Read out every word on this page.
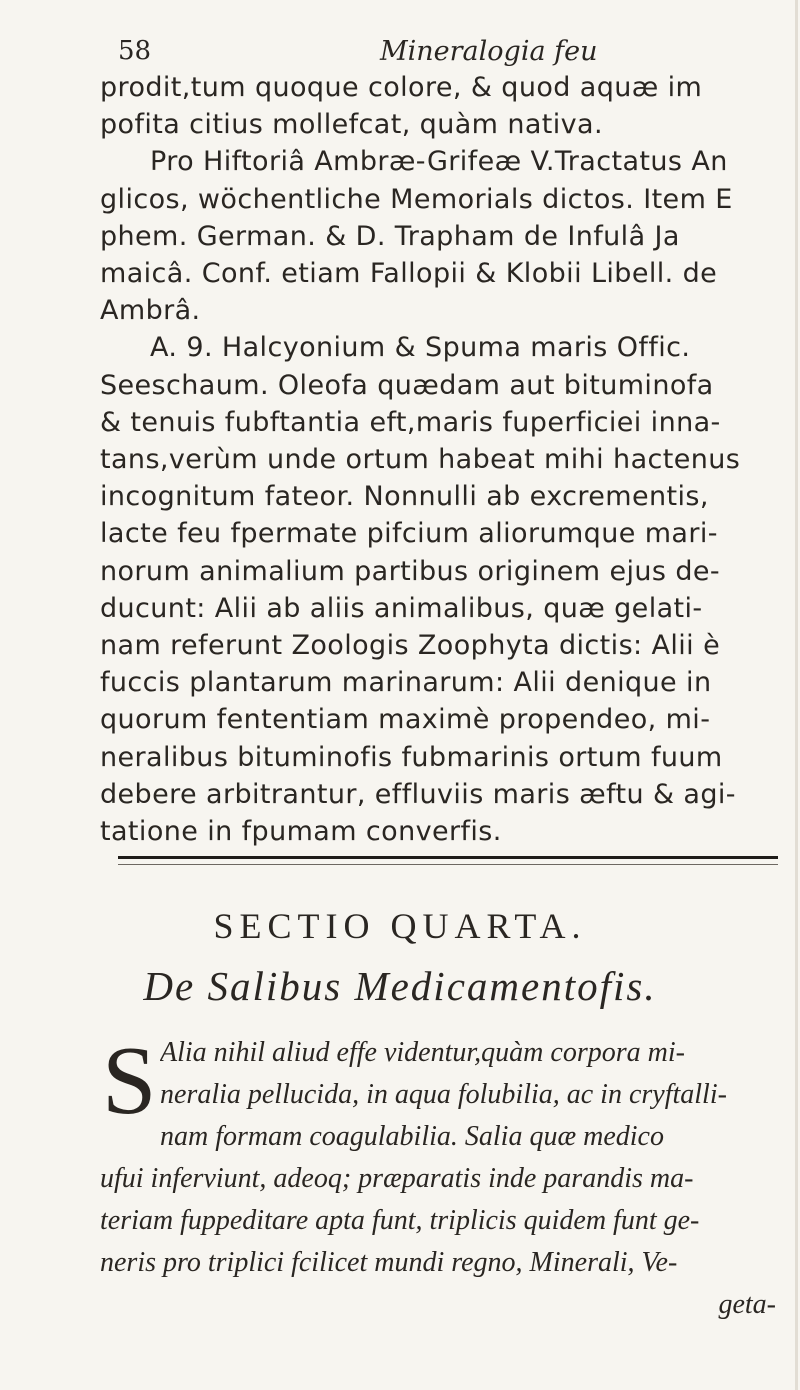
58	Mineralogia feu
prodit,tum quoque colore, & quod aquæ im
pofita citius mollefcat, quàm nativa.
Pro Hiftoriâ Ambræ-Grifeæ V.Tractatus An
glicos, wöchentliche Memorials dictos. Item E
phem. German. & D. Trapham de Infulâ Ja
maicâ. Conf. etiam Fallopii & Klobii Libell. de
Ambrâ.
A. 9. Halcyonium & Spuma maris Offic.
Seeschaum. Oleofa quædam aut bituminofa
& tenuis fubftantia eft,maris fuperficiei inna-
tans,verùm unde ortum habeat mihi hactenus
incognitum fateor. Nonnulli ab excrementis,
lacte feu fpermate pifcium aliorumque mari-
norum animalium partibus originem ejus de-
ducunt: Alii ab aliis animalibus, quæ gelati-
nam referunt Zoologis Zoophyta dictis: Alii è
fuccis plantarum marinarum: Alii denique in
quorum fententiam maximè propendeo, mi-
SECTIO QUARTA.
De Salibus Medicamentofis.
S Alia nihil aliud effe videntur,quàm corpora mi-
neralia pellucida, in aqua folubilia, ac in cryftalli-
nam formam coagulabilia. Salia quæ medico
ufui inferviunt, adeoq; præparatis inde parandis ma-
teriam fuppeditare apta funt, triplicis quidem funt ge-
neris pro triplici fcilicet mundi regno, Minerali, Ve-
geta-
neralibus bituminofis fubmarinis ortum fuum
debere arbitrantur, effluviis maris æftu & agi-
tatione in fpumam converfis.
